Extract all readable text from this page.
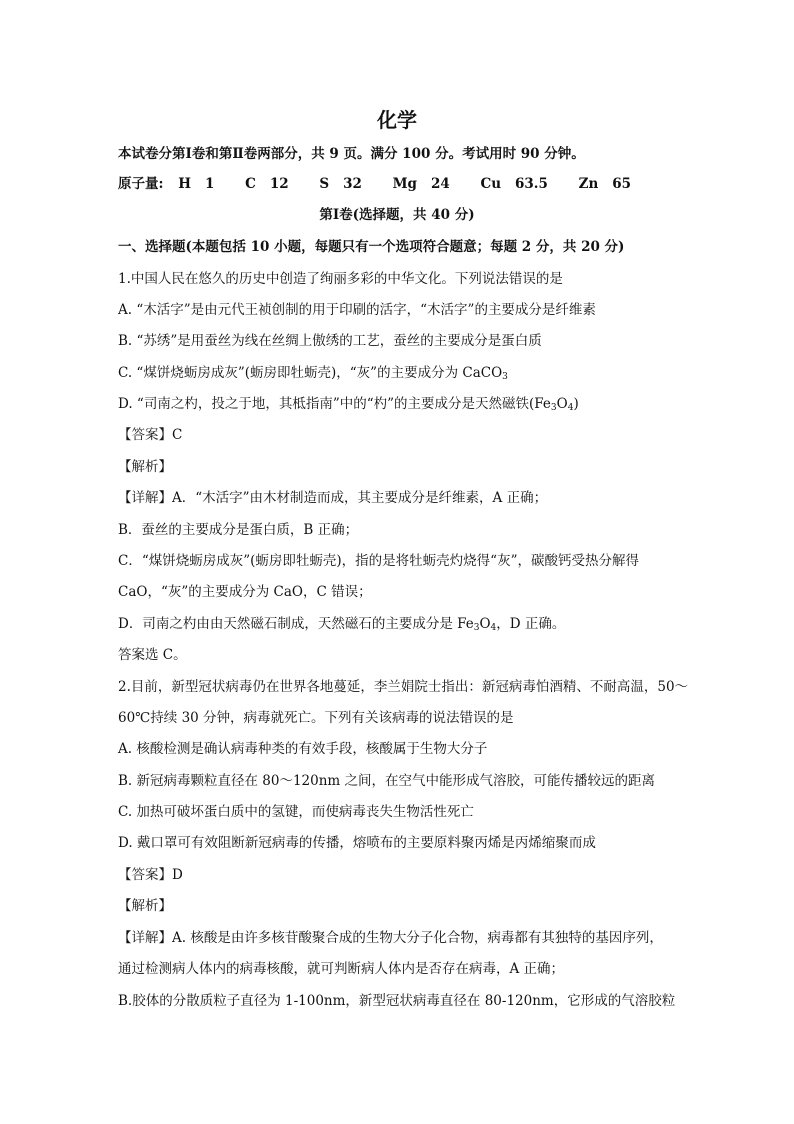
化学
本试卷分第Ⅰ卷和第Ⅱ卷两部分，共 9 页。满分 100 分。考试用时 90 分钟。
原子量: H 1 C 12 S 32 Mg 24 Cu 63.5 Zn 65
第Ⅰ卷(选择题，共 40 分)
一、选择题(本题包括 10 小题，每题只有一个选项符合题意；每题 2 分，共 20 分)
1.中国人民在悠久的历史中创造了绚丽多彩的中华文化。下列说法错误的是
A. “木活字”是由元代王祯创制的用于印刷的活字，“木活字”的主要成分是纤维素
B. “苏绣”是用蚕丝为线在丝绸上傲绣的工艺，蚕丝的主要成分是蛋白质
C. “煤饼烧蛎房成灰”(蛎房即牡蛎壳)，“灰”的主要成分为 CaCO$_3$
D. “司南之杓，投之于地，其柢指南”中的“杓”的主要成分是天然磁铁$(Fe_3O_4)$
【答案】C
【解析】
【详解】A．“木活字”由木材制造而成，其主要成分是纤维素，A 正确；
B．蚕丝的主要成分是蛋白质，B 正确；
C．“煤饼烧蛎房成灰”(蛎房即牡蛎壳)，指的是将牡蛎壳灼烧得“灰”，碳酸钙受热分解得
CaO，“灰”的主要成分为 CaO，C 错误；
D．司南之杓由由天然磁石制成，天然磁石的主要成分是 $Fe_3O_4$，D 正确。
答案选 C。
2.目前，新型冠状病毒仍在世界各地蔓延，李兰娟院士指出：新冠病毒怕酒精、不耐高温，50～
60℃持续 30 分钟，病毒就死亡。下列有关该病毒的说法错误的是
A. 核酸检测是确认病毒种类的有效手段，核酸属于生物大分子
B. 新冠病毒颗粒直径在 80～120nm 之间，在空气中能形成气溶胶，可能传播较远的距离
C. 加热可破坏蛋白质中的氢键，而使病毒丧失生物活性死亡
D. 戴口罩可有效阻断新冠病毒的传播，熔喷布的主要原料聚丙烯是丙烯缩聚而成
【答案】D
【解析】
【详解】A. 核酸是由许多核苷酸聚合成的生物大分子化合物，病毒都有其独特的基因序列，
通过检测病人体内的病毒核酸，就可判断病人体内是否存在病毒，A 正确；
B.胶体的分散质粒子直径为 1-100nm，新型冠状病毒直径在 80-120nm，它形成的气溶胶粒
